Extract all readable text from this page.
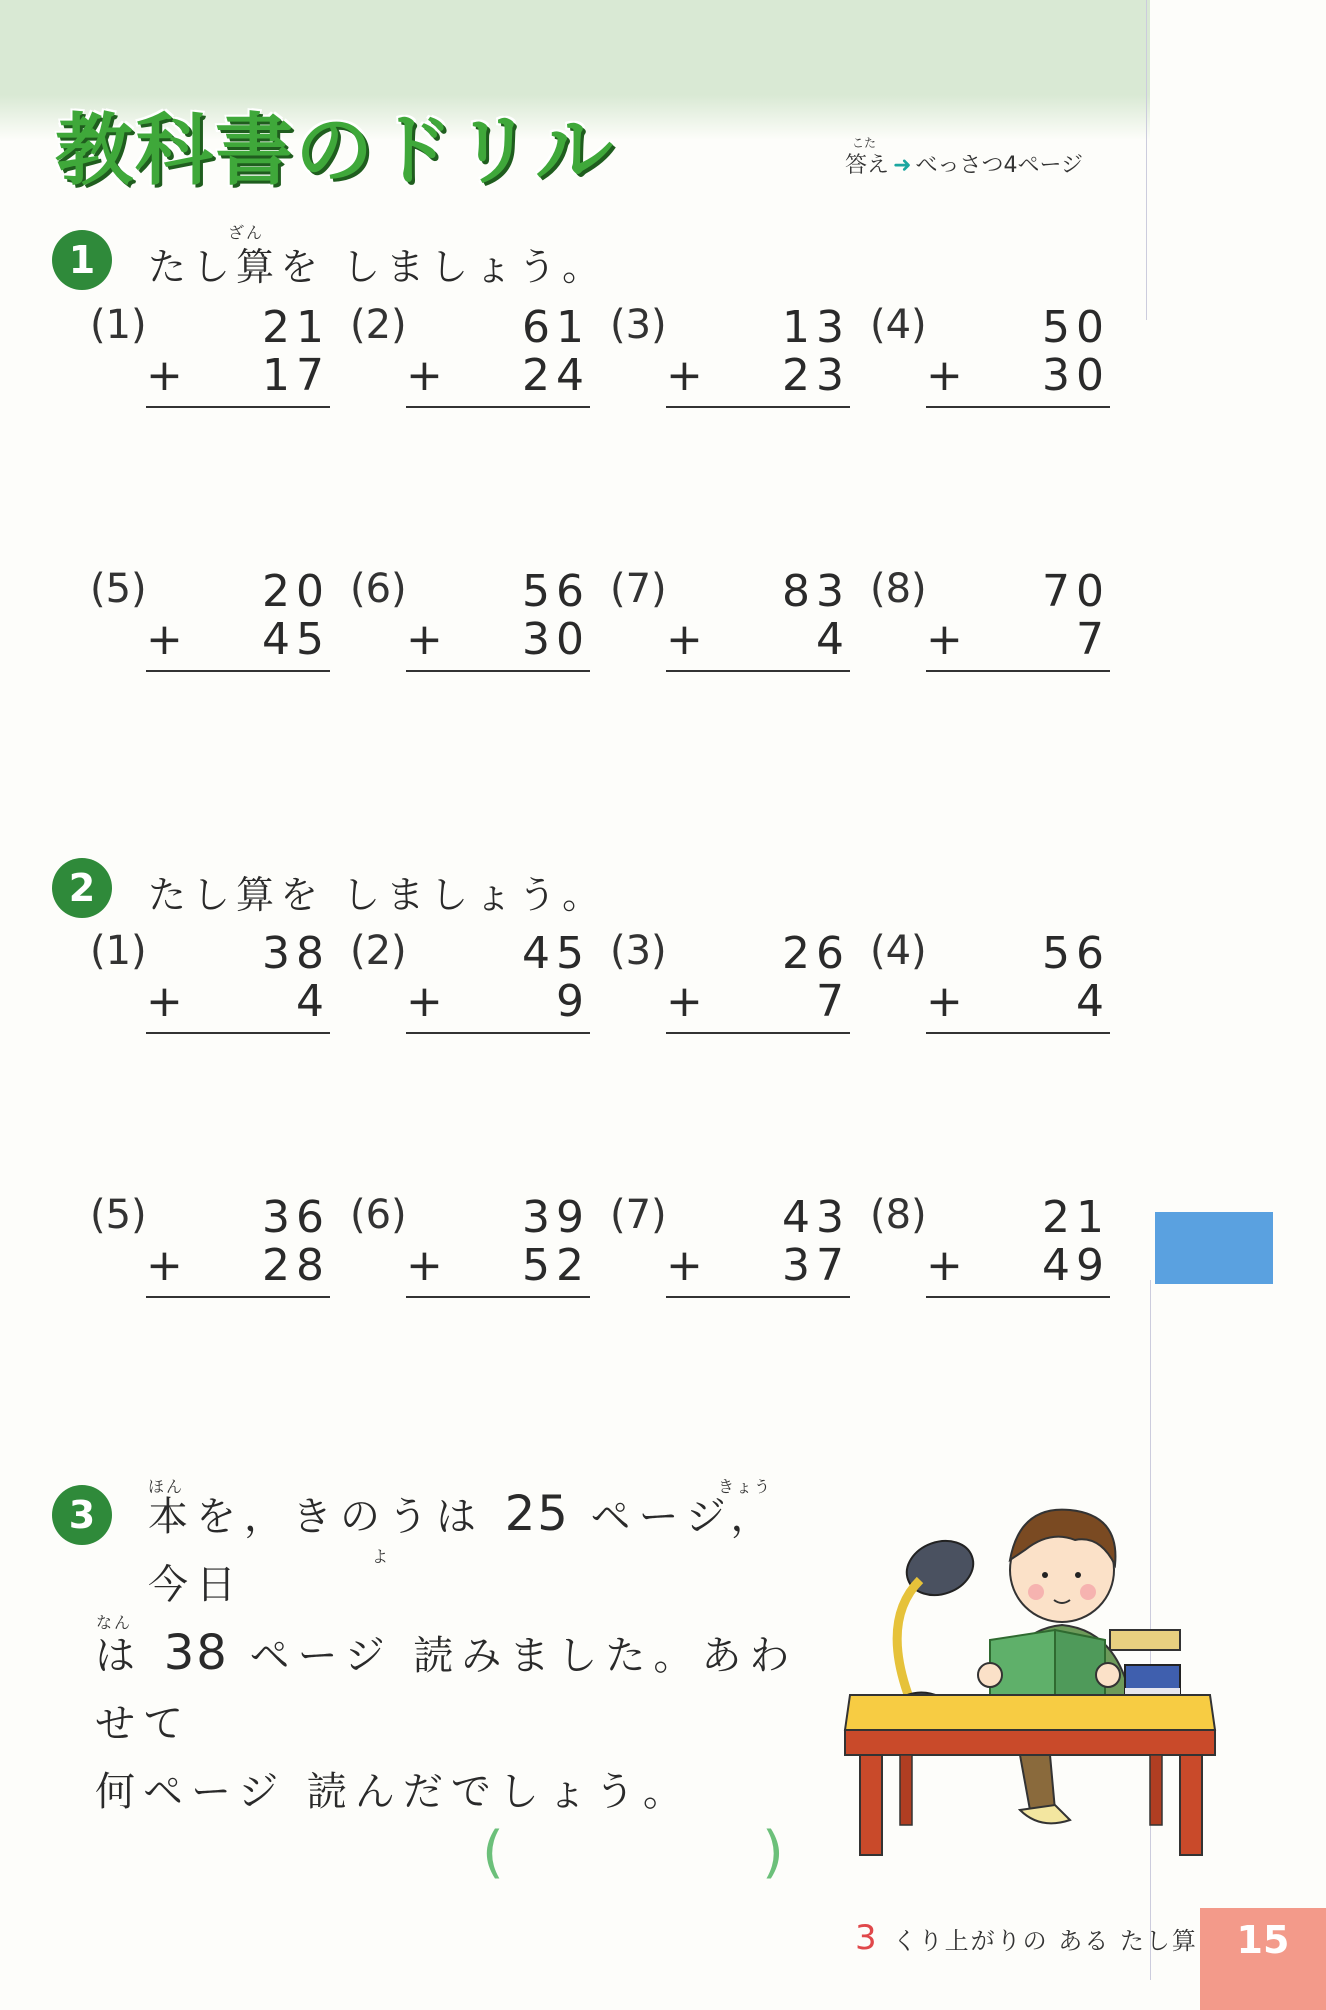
教科書のドリル	こた
答え ➜ べっさつ4ページ
1
ざん
たし算を しましょう。
(1)	21
+ 17
(2)	61
+ 24
(3)	13
+ 23
(4)	50
+ 30
(5)	20
+ 45
(6)	56
+ 30
(7)	83
+ 4
(8)	70
+ 7
2	たし算を しましょう。
(1)	38
+ 4
(2)	45
+ 9
(3)	26
+ 7
(4)	56
+ 4
(5)	36
+ 28
(6)	39
+ 52
(7)	43
+ 37
(8)	21
+ 49
3
ほん	きょう
よ
なん
本を，きのうは 25 ページ，今日
は 38 ページ 読みました。あわせて
何ページ 読んだでしょう。
(	)
3 くり上がりの ある たし算	15
